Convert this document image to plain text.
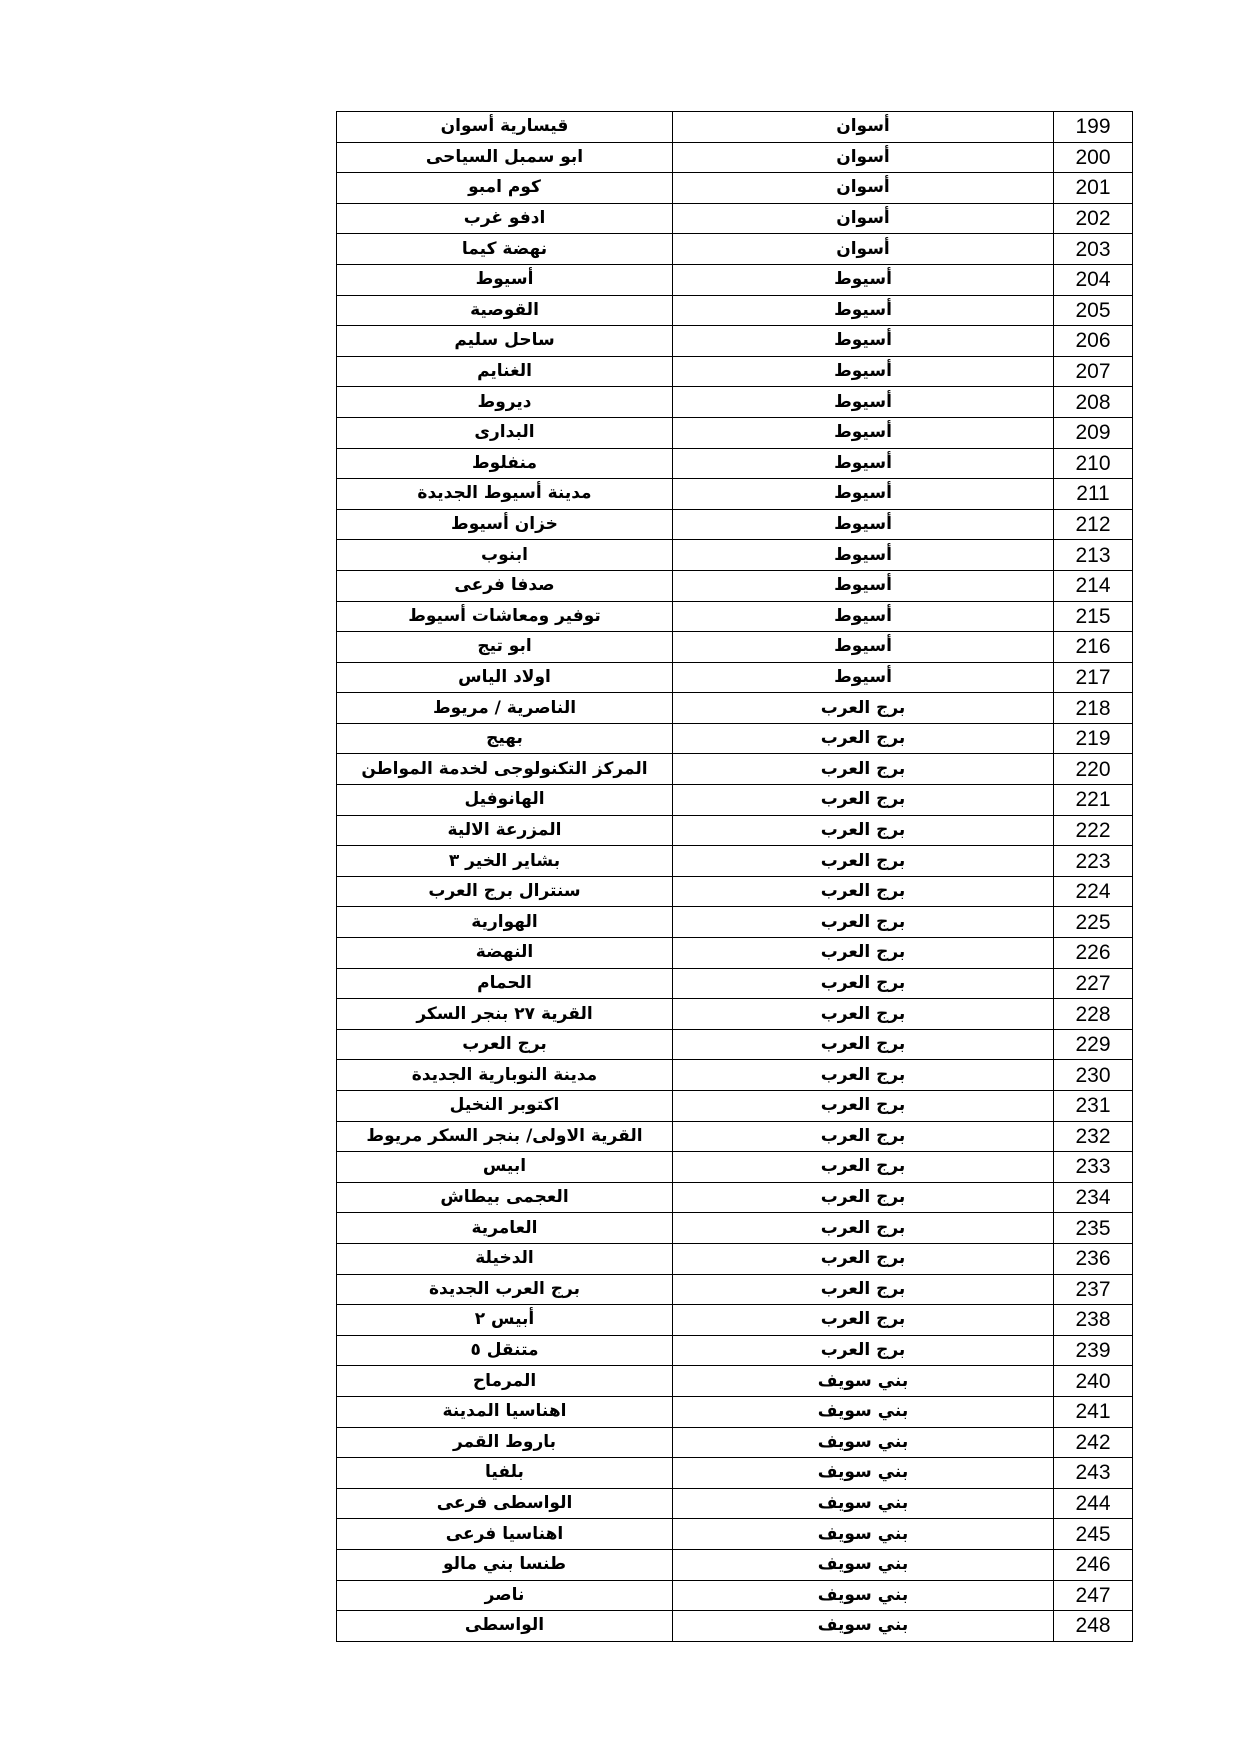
قيسارية أسوان	أسوان	199
ابو سمبل السياحى	أسوان	200
كوم امبو	أسوان	201
ادفو غرب	أسوان	202
نهضة كيما	أسوان	203
أسيوط	أسيوط	204
القوصية	أسيوط	205
ساحل سليم	أسيوط	206
الغنايم	أسيوط	207
ديروط	أسيوط	208
البدارى	أسيوط	209
منفلوط	أسيوط	210
مدينة أسيوط الجديدة	أسيوط	211
خزان أسيوط	أسيوط	212
ابنوب	أسيوط	213
صدفا فرعى	أسيوط	214
توفير ومعاشات أسيوط	أسيوط	215
ابو تيج	أسيوط	216
اولاد الياس	أسيوط	217
الناصرية / مريوط	برج العرب	218
بهيج	برج العرب	219
المركز التكنولوجى لخدمة المواطن	برج العرب	220
الهانوفيل	برج العرب	221
المزرعة الالية	برج العرب	222
بشاير الخير ٣	برج العرب	223
سنترال برج العرب	برج العرب	224
الهوارية	برج العرب	225
النهضة	برج العرب	226
الحمام	برج العرب	227
القرية ٢٧ بنجر السكر	برج العرب	228
برج العرب	برج العرب	229
مدينة النوبارية الجديدة	برج العرب	230
اكتوبر النخيل	برج العرب	231
القرية الاولى/ بنجر السكر مريوط	برج العرب	232
ابيس	برج العرب	233
العجمى بيطاش	برج العرب	234
العامرية	برج العرب	235
الدخيلة	برج العرب	236
برج العرب الجديدة	برج العرب	237
أبيس ٢	برج العرب	238
متنقل ٥	برج العرب	239
المرماح	بني سويف	240
اهناسيا المدينة	بني سويف	241
باروط القمر	بني سويف	242
بلفيا	بني سويف	243
الواسطى فرعى	بني سويف	244
اهناسيا فرعى	بني سويف	245
طنسا بني مالو	بني سويف	246
ناصر	بني سويف	247
الواسطى	بني سويف	248
